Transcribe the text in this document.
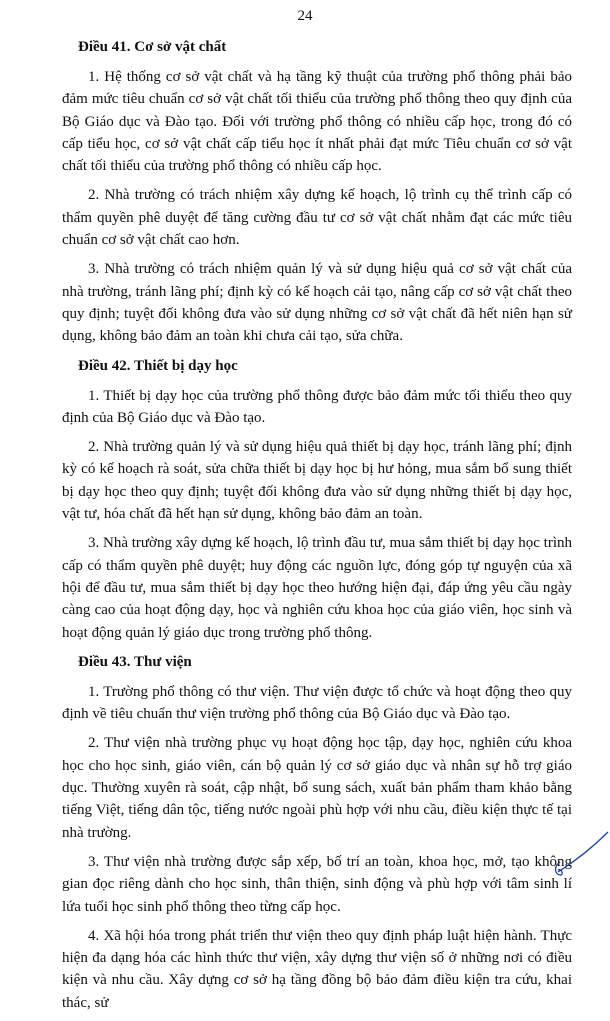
24
Điều 41. Cơ sở vật chất

1. Hệ thống cơ sở vật chất và hạ tầng kỹ thuật của trường phổ thông phải bảo đảm mức tiêu chuẩn cơ sở vật chất tối thiểu của trường phổ thông theo quy định của Bộ Giáo dục và Đào tạo. Đối với trường phổ thông có nhiều cấp học, trong đó có cấp tiểu học, cơ sở vật chất cấp tiểu học ít nhất phải đạt mức Tiêu chuẩn cơ sở vật chất tối thiểu của trường phổ thông có nhiều cấp học.

2. Nhà trường có trách nhiệm xây dựng kế hoạch, lộ trình cụ thể trình cấp có thẩm quyền phê duyệt để tăng cường đầu tư cơ sở vật chất nhằm đạt các mức tiêu chuẩn cơ sở vật chất cao hơn.

3. Nhà trường có trách nhiệm quản lý và sử dụng hiệu quả cơ sở vật chất của nhà trường, tránh lãng phí; định kỳ có kế hoạch cải tạo, nâng cấp cơ sở vật chất theo quy định; tuyệt đối không đưa vào sử dụng những cơ sở vật chất đã hết niên hạn sử dụng, không bảo đảm an toàn khi chưa cải tạo, sửa chữa.

Điều 42. Thiết bị dạy học

1. Thiết bị dạy học của trường phổ thông được bảo đảm mức tối thiểu theo quy định của Bộ Giáo dục và Đào tạo.

2. Nhà trường quản lý và sử dụng hiệu quả thiết bị dạy học, tránh lãng phí; định kỳ có kế hoạch rà soát, sửa chữa thiết bị dạy học bị hư hỏng, mua sắm bổ sung thiết bị dạy học theo quy định; tuyệt đối không đưa vào sử dụng những thiết bị dạy học, vật tư, hóa chất đã hết hạn sử dụng, không bảo đảm an toàn.

3. Nhà trường xây dựng kế hoạch, lộ trình đầu tư, mua sắm thiết bị dạy học trình cấp có thẩm quyền phê duyệt; huy động các nguồn lực, đóng góp tự nguyện của xã hội để đầu tư, mua sắm thiết bị dạy học theo hướng hiện đại, đáp ứng yêu cầu ngày càng cao của hoạt động dạy, học và nghiên cứu khoa học của giáo viên, học sinh và hoạt động quản lý giáo dục trong trường phổ thông.

Điều 43. Thư viện

1. Trường phổ thông có thư viện. Thư viện được tổ chức và hoạt động theo quy định về tiêu chuẩn thư viện trường phổ thông của Bộ Giáo dục và Đào tạo.

2. Thư viện nhà trường phục vụ hoạt động học tập, dạy học, nghiên cứu khoa học cho học sinh, giáo viên, cán bộ quản lý cơ sở giáo dục và nhân sự hỗ trợ giáo dục. Thường xuyên rà soát, cập nhật, bổ sung sách, xuất bản phẩm tham khảo bằng tiếng Việt, tiếng dân tộc, tiếng nước ngoài phù hợp với nhu cầu, điều kiện thực tế tại nhà trường.

3. Thư viện nhà trường được sắp xếp, bố trí an toàn, khoa học, mở, tạo không gian đọc riêng dành cho học sinh, thân thiện, sinh động và phù hợp với tâm sinh lí lứa tuổi học sinh phổ thông theo từng cấp học.

4. Xã hội hóa trong phát triển thư viện theo quy định pháp luật hiện hành. Thực hiện đa dạng hóa các hình thức thư viện, xây dựng thư viện số ở những nơi có điều kiện và nhu cầu. Xây dựng cơ sở hạ tầng đồng bộ bảo đảm điều kiện tra cứu, khai thác, sử
